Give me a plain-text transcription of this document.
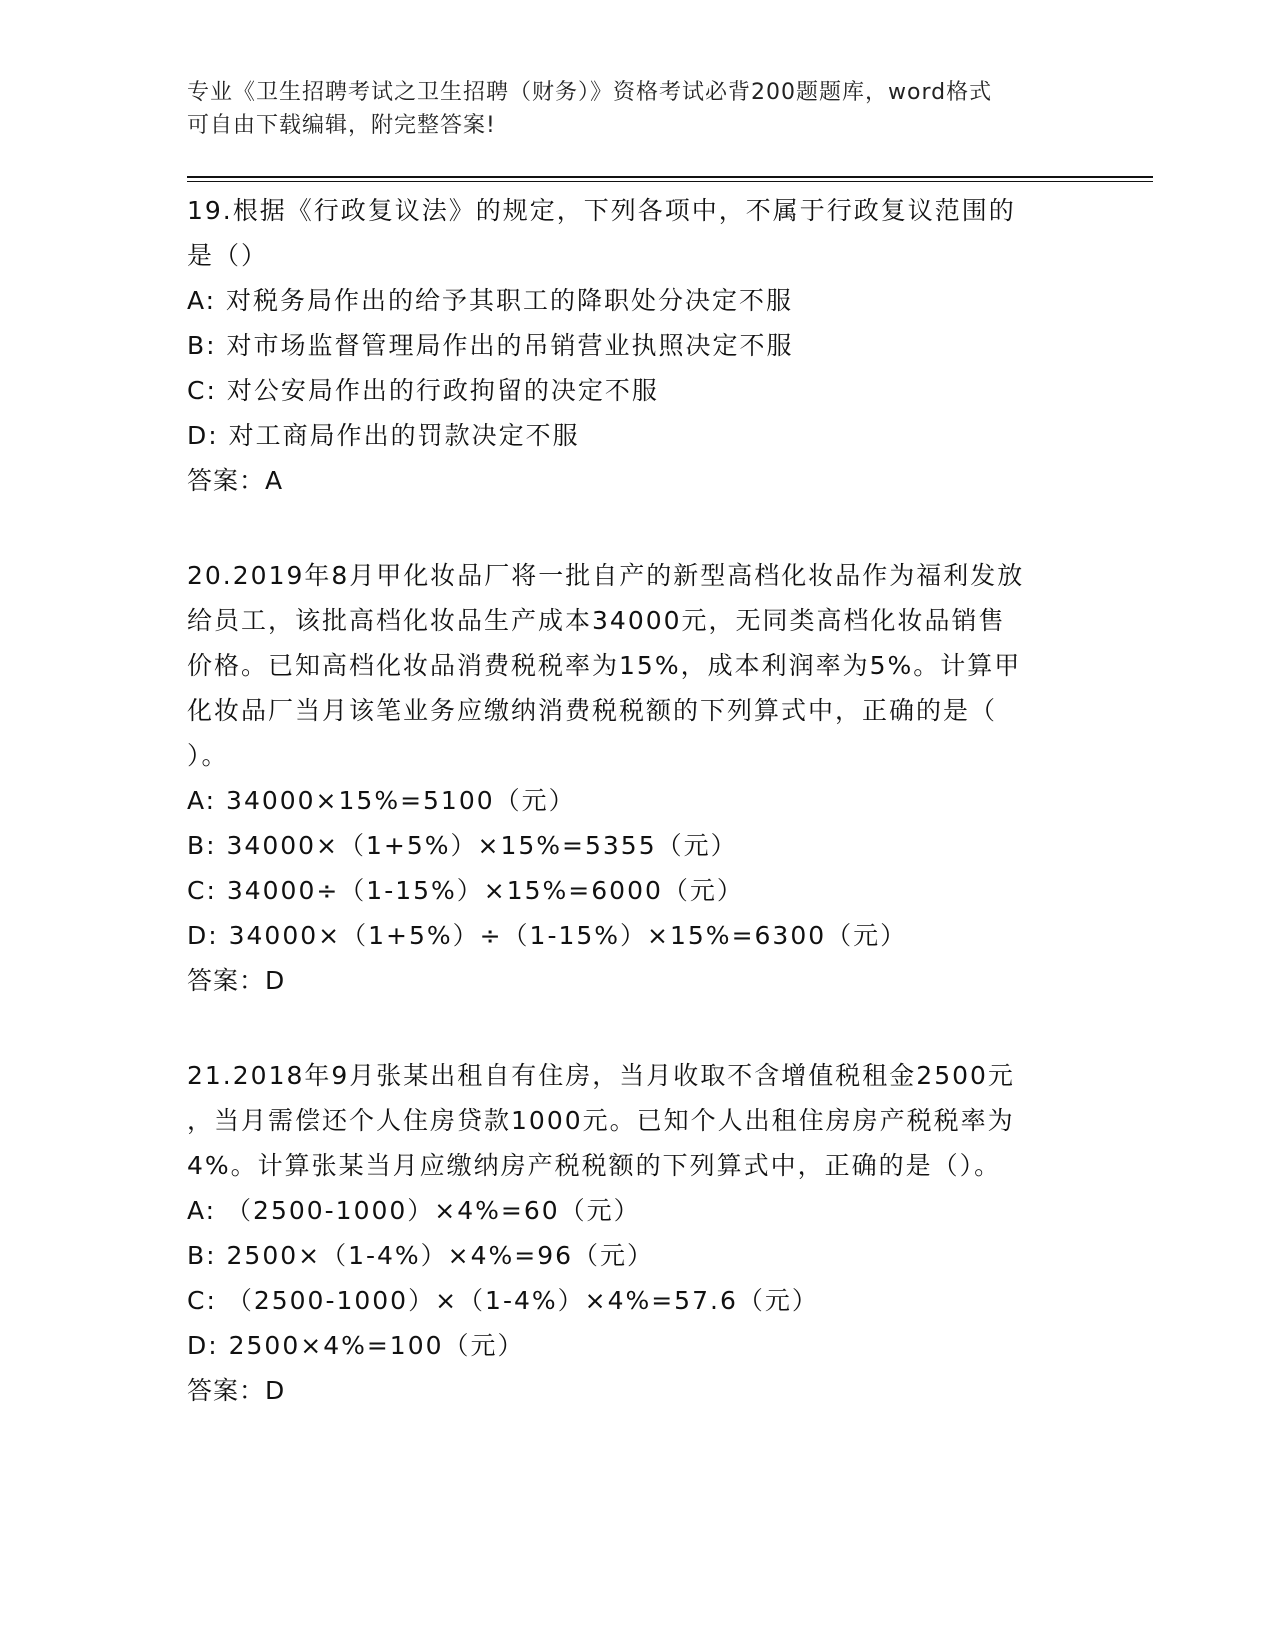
专业《卫生招聘考试之卫生招聘（财务）》资格考试必背200题题库，word格式
可自由下载编辑，附完整答案!
19.根据《行政复议法》的规定，下列各项中，不属于行政复议范围的
是（）
A: 对税务局作出的给予其职工的降职处分决定不服
B: 对市场监督管理局作出的吊销营业执照决定不服
C: 对公安局作出的行政拘留的决定不服
D: 对工商局作出的罚款决定不服
答案：A
20.2019年8月甲化妆品厂将一批自产的新型高档化妆品作为福利发放
给员工，该批高档化妆品生产成本34000元，无同类高档化妆品销售
价格。已知高档化妆品消费税税率为15%，成本利润率为5%。计算甲
化妆品厂当月该笔业务应缴纳消费税税额的下列算式中，正确的是（
）。
A: 34000×15%=5100（元）
B: 34000×（1+5%）×15%=5355（元）
C: 34000÷（1-15%）×15%=6000（元）
D: 34000×（1+5%）÷（1-15%）×15%=6300（元）
答案：D
21.2018年9月张某出租自有住房，当月收取不含增值税租金2500元
，当月需偿还个人住房贷款1000元。已知个人出租住房房产税税率为
4%。计算张某当月应缴纳房产税税额的下列算式中，正确的是（）。
A: （2500-1000）×4%=60（元）
B: 2500×（1-4%）×4%=96（元）
C: （2500-1000）×（1-4%）×4%=57.6（元）
D: 2500×4%=100（元）
答案：D
